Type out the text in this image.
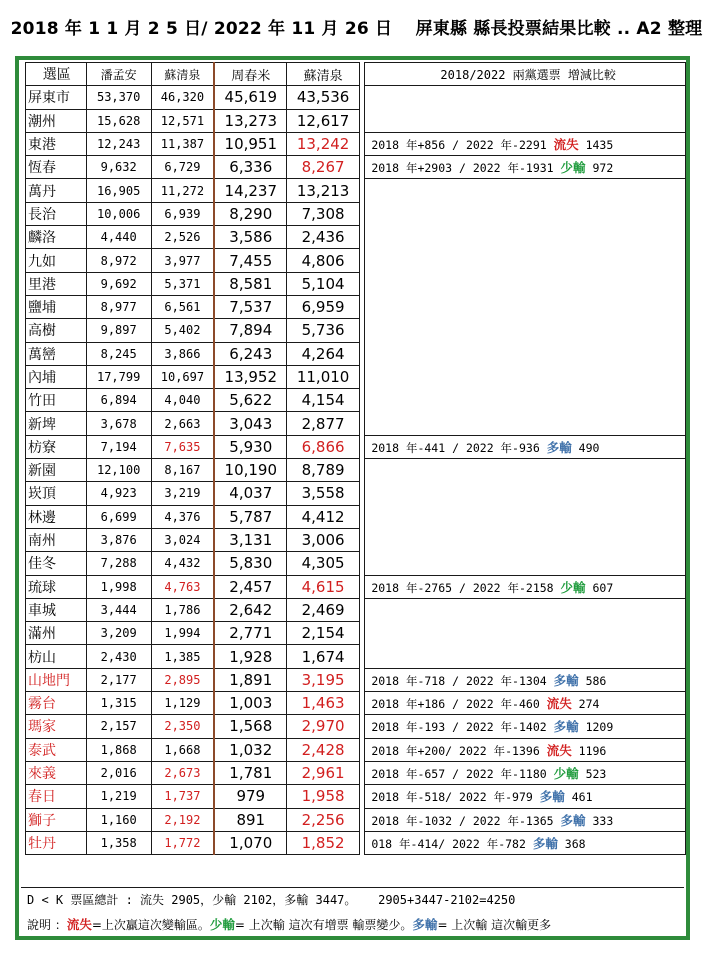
2018 年 1 1 月 2 5 日/ 2022 年 11 月 26 日　 屏東縣 縣長投票結果比較 .. A2 整理
選區	潘孟安	蘇清泉	周春米	蘇清泉		2018/2022 兩黨選票 增減比較
屏東市	53,370	46,320	45,619	43,536		
潮州	15,628	12,571	13,273	12,617		
東港	12,243	11,387	10,951	13,242		2018 年+856 / 2022 年-2291 流失 1435
恆春	9,632	6,729	6,336	8,267		2018 年+2903 / 2022 年-1931 少輸 972
萬丹	16,905	11,272	14,237	13,213		
長治	10,006	6,939	8,290	7,308		
麟洛	4,440	2,526	3,586	2,436		
九如	8,972	3,977	7,455	4,806		
里港	9,692	5,371	8,581	5,104		
鹽埔	8,977	6,561	7,537	6,959		
高樹	9,897	5,402	7,894	5,736		
萬巒	8,245	3,866	6,243	4,264		
內埔	17,799	10,697	13,952	11,010		
竹田	6,894	4,040	5,622	4,154		
新埤	3,678	2,663	3,043	2,877		
枋寮	7,194	7,635	5,930	6,866		2018 年-441 / 2022 年-936 多輸 490
新園	12,100	8,167	10,190	8,789		
崁頂	4,923	3,219	4,037	3,558		
林邊	6,699	4,376	5,787	4,412		
南州	3,876	3,024	3,131	3,006		
佳冬	7,288	4,432	5,830	4,305		
琉球	1,998	4,763	2,457	4,615		2018 年-2765 / 2022 年-2158 少輸 607
車城	3,444	1,786	2,642	2,469		
滿州	3,209	1,994	2,771	2,154		
枋山	2,430	1,385	1,928	1,674		
山地門	2,177	2,895	1,891	3,195		2018 年-718 / 2022 年-1304 多輸 586
霧台	1,315	1,129	1,003	1,463		2018 年+186 / 2022 年-460 流失 274
瑪家	2,157	2,350	1,568	2,970		2018 年-193 / 2022 年-1402 多輸 1209
泰武	1,868	1,668	1,032	2,428		2018 年+200/ 2022 年-1396 流失 1196
來義	2,016	2,673	1,781	2,961		2018 年-657 / 2022 年-1180 少輸 523
春日	1,219	1,737	979	1,958		2018 年-518/ 2022 年-979 多輸 461
獅子	1,160	2,192	891	2,256		2018 年-1032 / 2022 年-1365 多輸 333
牡丹	1,358	1,772	1,070	1,852		018 年-414/ 2022 年-782 多輸 368
D < K 票區總計 : 流失 2905，少輸 2102，多輸 3447。 2905+3447-2102=4250
說明 ：流失=上次贏這次變輸區。少輸= 上次輸 這次有增票 輸票變少。多輸= 上次輸 這次輸更多
